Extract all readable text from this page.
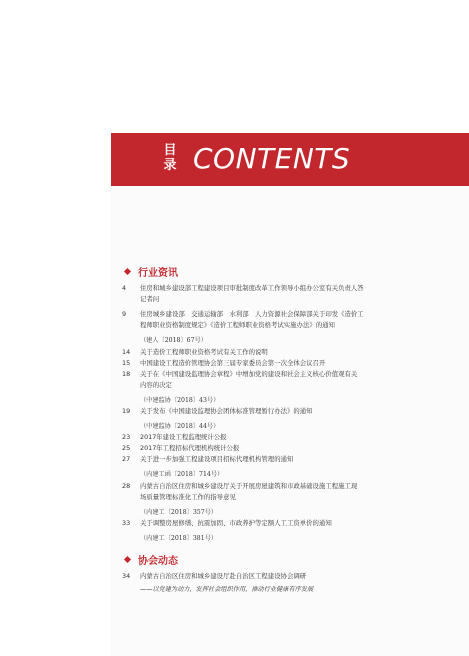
目录 CONTENTS
行业资讯
4	住房和城乡建设部工程建设项目审批制度改革工作领导小组办公室有关负责人答
记者问
9	住房城乡建设部　交通运输部　水利部　人力资源社会保障部关于印发《造价工
程师职业资格制度规定》《造价工程师职业资格考试实施办法》的通知
（建人〔2018〕67号）
14	关于造价工程师职业资格考试有关工作的说明
15	中国建设工程造价管理协会第三届专家委员会第一次全体会议召开
18	关于在《中国建设监理协会章程》中增加党的建设和社会主义核心价值观有关
内容的决定
（中建监协〔2018〕43号）
19	关于发布《中国建设监理协会团体标准管理暂行办法》的通知
（中建监协〔2018〕44号）
23	2017年建设工程监理统计公报
25	2017年工程招标代理机构统计公报
27	关于进一步加强工程建设项目招标代理机构管理的通知
（内建工函〔2018〕714号）
28	内蒙古自治区住房和城乡建设厅关于开展房屋建筑和市政基础设施工程施工现
场质量管理标准化工作的指导意见
（内建工〔2018〕357号）
33	关于调整房屋修缮、抗震加固、市政养护等定额人工工资单价的通知
（内建工〔2018〕381号）
协会动态
34	内蒙古自治区住房和城乡建设厅赴自治区工程建设协会调研
——以党建为动力，发挥社会组织作用，推动行业健康有序发展
